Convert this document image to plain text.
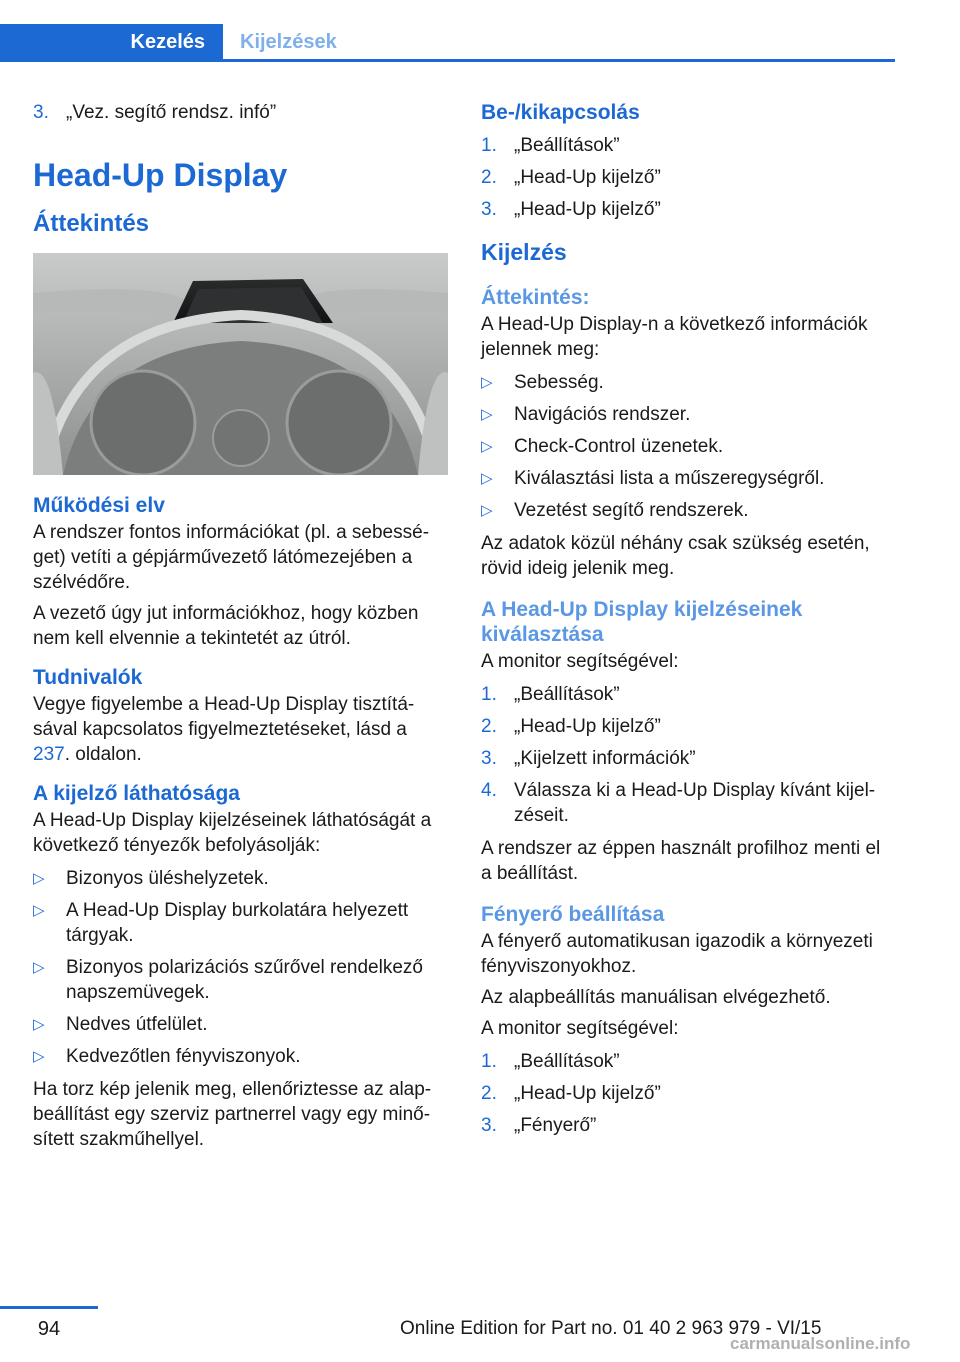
Kezelés	Kijelzések
3. „Vez. segítő rendsz. infó”
Head-Up Display
Áttekintés
Működési elv
A rendszer fontos információkat (pl. a sebessé-get) vetíti a gépjárművezető látómezejében a szélvédőre.
A vezető úgy jut információkhoz, hogy közben nem kell elvennie a tekintetét az útról.
Tudnivalók
Vegye figyelembe a Head-Up Display tisztítá-sával kapcsolatos figyelmeztetéseket, lásd a 237. oldalon.
A kijelző láthatósága
A Head-Up Display kijelzéseinek láthatóságát a következő tényezők befolyásolják:
▷	Bizonyos üléshelyzetek.
▷	A Head-Up Display burkolatára helyezett tárgyak.
▷	Bizonyos polarizációs szűrővel rendelkező napszemüvegek.
▷	Nedves útfelület.
▷	Kedvezőtlen fényviszonyok.
Ha torz kép jelenik meg, ellenőriztesse az alap-beállítást egy szerviz partnerrel vagy egy minő-sített szakműhellyel.
Be-/kikapcsolás
1. „Beállítások”
2. „Head-Up kijelző”
3. „Head-Up kijelző”
Kijelzés
Áttekintés:
A Head-Up Display-n a következő információk jelennek meg:
▷	Sebesség.
▷	Navigációs rendszer.
▷	Check-Control üzenetek.
▷	Kiválasztási lista a műszeregységről.
▷	Vezetést segítő rendszerek.
Az adatok közül néhány csak szükség esetén, rövid ideig jelenik meg.
A Head-Up Display kijelzéseinek kiválasztása
A monitor segítségével:
1. „Beállítások”
2. „Head-Up kijelző”
3. „Kijelzett információk”
4. Válassza ki a Head-Up Display kívánt kijel-zéseit.
A rendszer az éppen használt profilhoz menti el a beállítást.
Fényerő beállítása
A fényerő automatikusan igazodik a környezeti fényviszonyokhoz.
Az alapbeállítás manuálisan elvégezhető.
A monitor segítségével:
1. „Beállítások”
2. „Head-Up kijelző”
3. „Fényerő”
94	Online Edition for Part no. 01 40 2 963 979 - VI/15
carmanualsonline.info
